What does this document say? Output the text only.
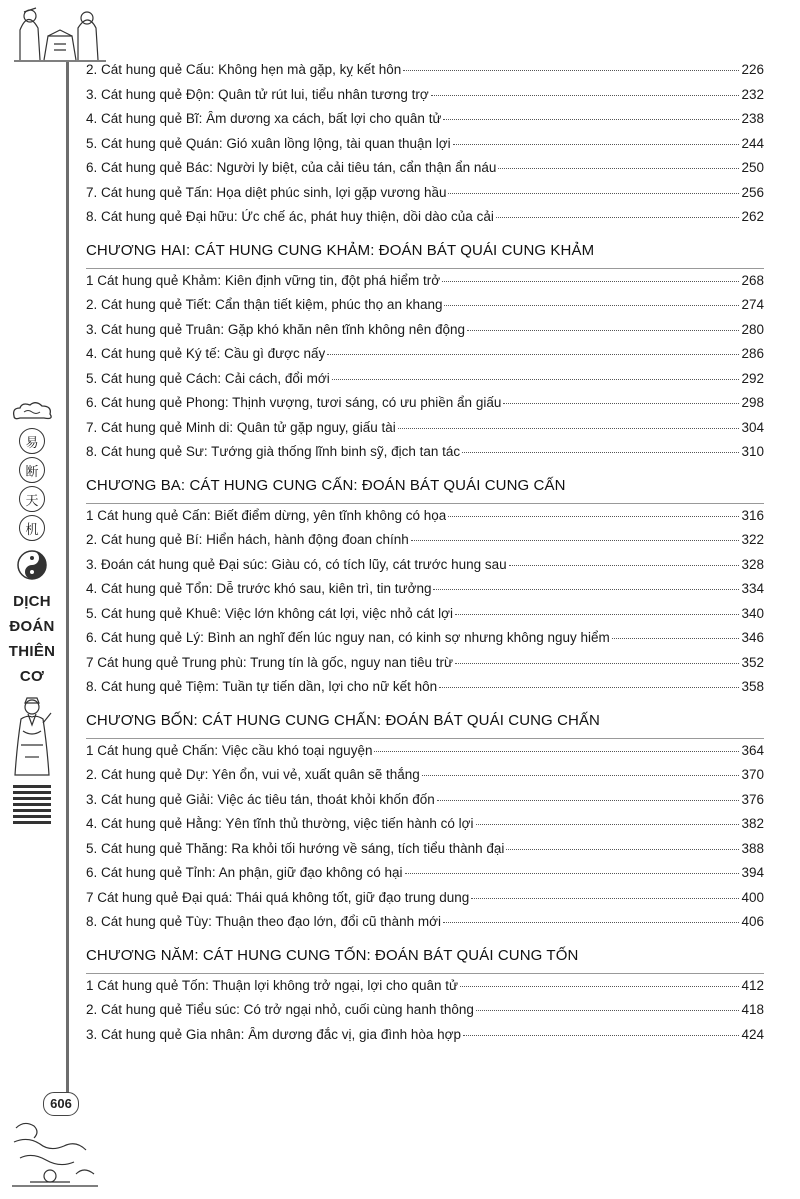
易
断
天
机
DỊCH
ĐOÁN
THIÊN
CƠ
606
2. Cát hung quẻ Cấu: Không hẹn mà gặp, kỵ kết hôn	226
3. Cát hung quẻ Độn: Quân tử rút lui, tiểu nhân tương trợ	232
4. Cát hung quẻ Bĩ: Âm dương xa cách, bất lợi cho quân tử	238
5. Cát hung quẻ Quán: Gió xuân lồng lộng, tài quan thuận lợi	244
6. Cát hung quẻ Bác: Người ly biệt, của cải tiêu tán, cẩn thận ẩn náu	250
7. Cát hung quẻ Tấn: Họa diệt phúc sinh, lợi gặp vương hầu	256
8. Cát hung quẻ Đại hữu: Ức chế ác, phát huy thiện, dồi dào của cải	262
CHƯƠNG HAI: CÁT HUNG CUNG KHẢM: ĐOÁN BÁT QUÁI CUNG KHẢM
1 Cát hung quẻ Khảm: Kiên định vững tin, đột phá hiểm trở	268
2. Cát hung quẻ Tiết: Cẩn thận tiết kiệm, phúc thọ an khang	274
3. Cát hung quẻ Truân: Gặp khó khăn nên tĩnh không nên động	280
4. Cát hung quẻ Ký tế: Cầu gì được nấy	286
5. Cát hung quẻ Cách: Cải cách, đổi mới	292
6. Cát hung quẻ Phong: Thịnh vượng, tươi sáng, có ưu phiền ẩn giấu	298
7. Cát hung quẻ Minh di: Quân tử gặp nguy, giấu tài	304
8. Cát hung quẻ Sư: Tướng già thống lĩnh binh sỹ, địch tan tác	310
CHƯƠNG BA: CÁT HUNG CUNG CẤN: ĐOÁN BÁT QUÁI CUNG CẤN
1 Cát hung quẻ Cấn: Biết điểm dừng, yên tĩnh không có họa	316
2. Cát hung quẻ Bí: Hiển hách, hành động đoan chính	322
3. Đoán cát hung quẻ Đại súc: Giàu có, có tích lũy, cát trước hung sau	328
4. Cát hung quẻ Tổn: Dễ trước khó sau, kiên trì, tin tưởng	334
5. Cát hung quẻ Khuê: Việc lớn không cát lợi, việc nhỏ cát lợi	340
6. Cát hung quẻ Lý: Bình an nghĩ đến lúc nguy nan, có kinh sợ nhưng không nguy hiểm	346
7 Cát hung quẻ Trung phù: Trung tín là gốc, nguy nan tiêu trừ	352
8. Cát hung quẻ Tiệm: Tuần tự tiến dần, lợi cho nữ kết hôn	358
CHƯƠNG BỐN: CÁT HUNG CUNG CHẤN: ĐOÁN BÁT QUÁI CUNG CHẤN
1 Cát hung quẻ Chấn: Việc cầu khó toại nguyện	364
2. Cát hung quẻ Dự: Yên ổn, vui vẻ, xuất quân sẽ thắng	370
3. Cát hung quẻ Giải: Việc ác tiêu tán, thoát khỏi khốn đốn	376
4. Cát hung quẻ Hằng: Yên tĩnh thủ thường, việc tiến hành có lợi	382
5. Cát hung quẻ Thăng: Ra khỏi tối hướng về sáng, tích tiểu thành đại	388
6. Cát hung quẻ Tỉnh: An phận, giữ đạo không có hại	394
7 Cát hung quẻ Đại quá: Thái quá không tốt, giữ đạo trung dung	400
8. Cát hung quẻ Tùy: Thuận theo đạo lớn, đổi cũ thành mới	406
CHƯƠNG NĂM: CÁT HUNG CUNG TỐN: ĐOÁN BÁT QUÁI CUNG TỐN
1 Cát hung quẻ Tốn: Thuận lợi không trở ngại, lợi cho quân tử	412
2. Cát hung quẻ Tiểu súc: Có trở ngại nhỏ, cuối cùng hanh thông	418
3. Cát hung quẻ Gia nhân: Âm dương đắc vị, gia đình hòa hợp	424
